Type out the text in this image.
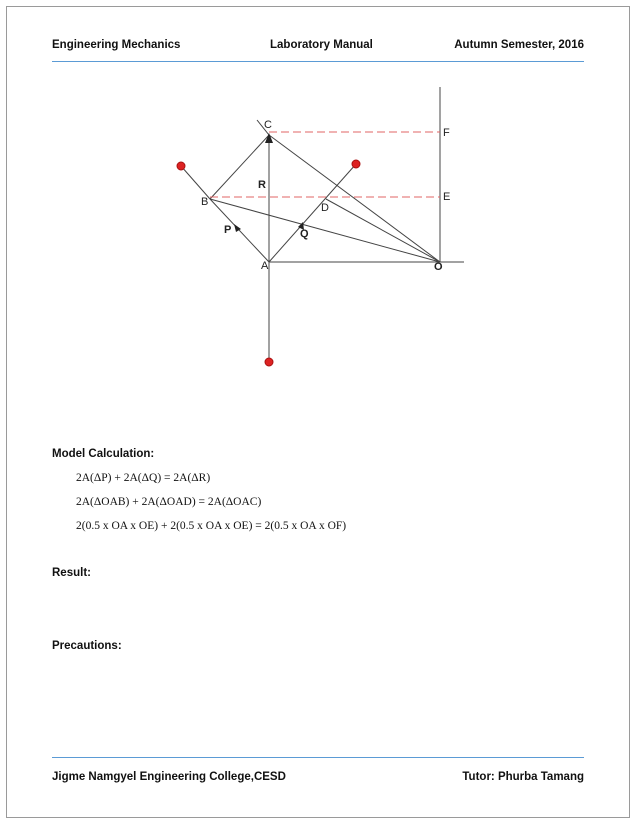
Engineering Mechanics	Laboratory Manual	Autumn Semester, 2016
C
F
R
B	D
E
P	Q
A	O
Model Calculation:
2A(ΔP) + 2A(ΔQ) = 2A(ΔR)
2A(ΔOAB) + 2A(ΔOAD) = 2A(ΔOAC)
2(0.5 x OA x OE) + 2(0.5 x OA x OE) = 2(0.5 x OA x OF)
Result:
Precautions:
Jigme Namgyel Engineering College,CESD	Tutor: Phurba Tamang
